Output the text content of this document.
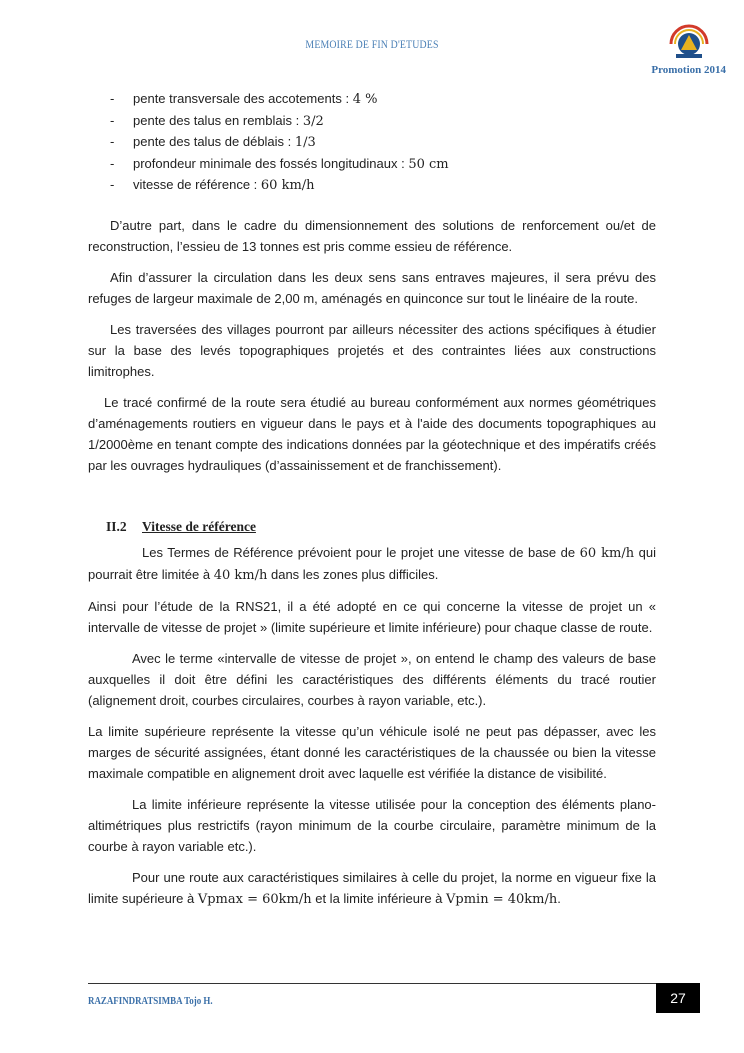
MEMOIRE DE FIN D'ETUDES
Promotion 2014
- pente transversale des accotements : 4 %
- pente des talus en remblais : 3/2
- pente des talus de déblais : 1/3
- profondeur minimale des fossés longitudinaux : 50 cm
- vitesse de référence : 60 km/h

D’autre part, dans le cadre du dimensionnement des solutions de renforcement ou/et de reconstruction, l’essieu de 13 tonnes est pris comme essieu de référence.

Afin d’assurer la circulation dans les deux sens sans entraves majeures, il sera prévu des refuges de largeur maximale de 2,00 m, aménagés en quinconce sur tout le linéaire de la route.

Les traversées des villages pourront par ailleurs nécessiter des actions spécifiques à étudier sur la base des levés topographiques projetés et des contraintes liées aux constructions limitrophes.

Le tracé confirmé de la route sera étudié au bureau conformément aux normes géométriques d’aménagements routiers en vigueur dans le pays et à l'aide des documents topographiques au 1/2000ème en tenant compte des indications données par la géotechnique et des impératifs créés par les ouvrages hydrauliques (d’assainissement et de franchissement).

II.2 Vitesse de référence

Les Termes de Référence prévoient pour le projet une vitesse de base de 60 km/h qui pourrait être limitée à 40 km/h dans les zones plus difficiles.

Ainsi pour l’étude de la RNS21, il a été adopté en ce qui concerne la vitesse de projet un « intervalle de vitesse de projet » (limite supérieure et limite inférieure) pour chaque classe de route.

Avec le terme «intervalle de vitesse de projet », on entend le champ des valeurs de base auxquelles il doit être défini les caractéristiques des différents éléments du tracé routier (alignement droit, courbes circulaires, courbes à rayon variable, etc.).

La limite supérieure représente la vitesse qu’un véhicule isolé ne peut pas dépasser, avec les marges de sécurité assignées, étant donné les caractéristiques de la chaussée ou bien la vitesse maximale compatible en alignement droit avec laquelle est vérifiée la distance de visibilité.

La limite inférieure représente la vitesse utilisée pour la conception des éléments plano-altimétriques plus restrictifs (rayon minimum de la courbe circulaire, paramètre minimum de la courbe à rayon variable etc.).

Pour une route aux caractéristiques similaires à celle du projet, la norme en vigueur fixe la limite supérieure à Vpmax = 60km/h et la limite inférieure à Vpmin = 40km/h.

RAZAFINDRATSIMBA Tojo H.	27
